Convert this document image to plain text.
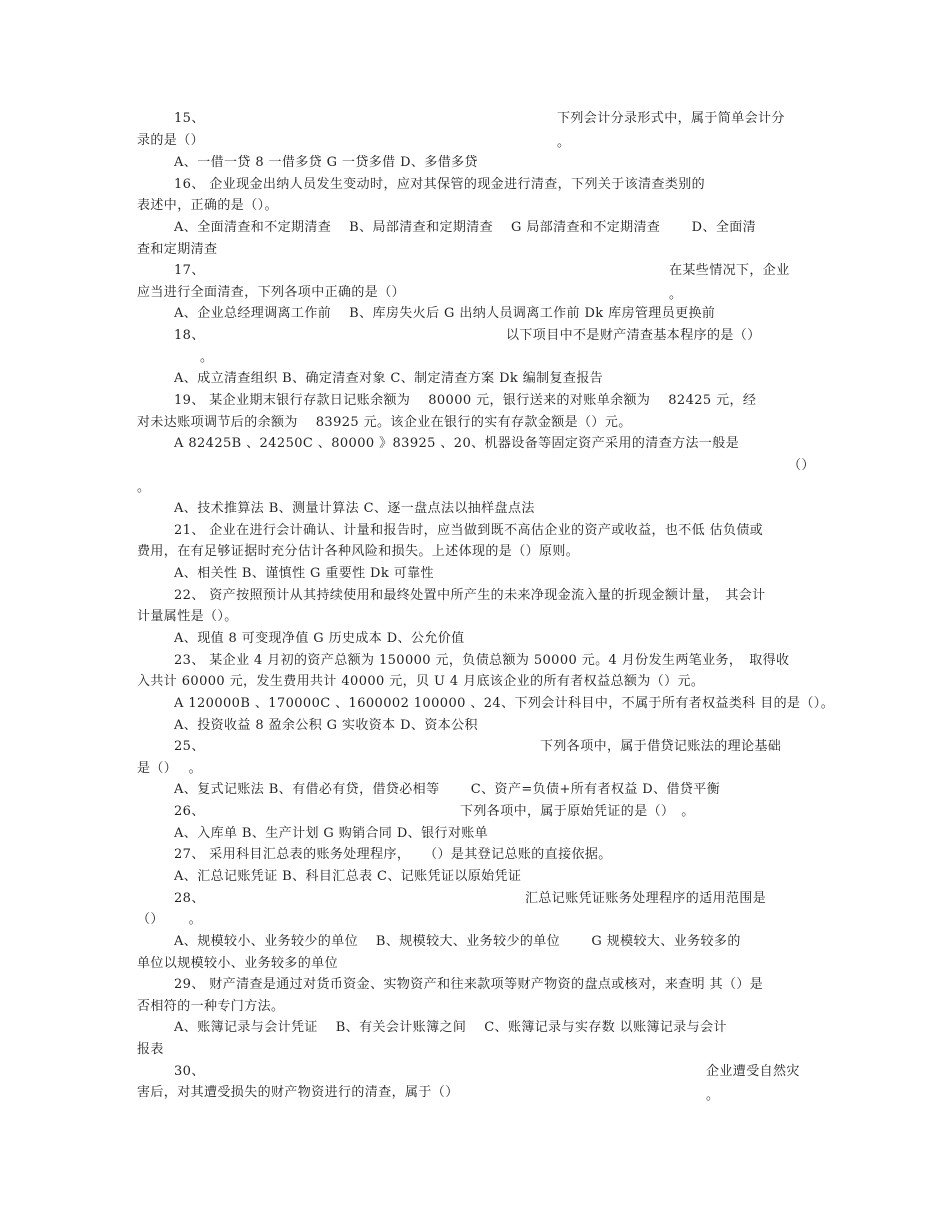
15、	下列会计分录形式中，属于简单会计分
录的是（）	。
A、一借一贷 8 一借多贷 G 一贷多借 D、多借多贷
16、 企业现金出纳人员发生变动时，应对其保管的现金进行清查，下列关于该清查类别的
表述中，正确的是（）。
A、全面清查和不定期清查　 B、局部清查和定期清查　 G 局部清查和不定期清查　　 D、全面清
查和定期清查
17、	在某些情况下，企业
应当进行全面清查，下列各项中正确的是（）	。
A、企业总经理调离工作前　 B、库房失火后 G 出纳人员调离工作前 Dk 库房管理员更换前
18、	以下项目中不是财产清查基本程序的是（）
。
A、成立清查组织 B、确定清查对象 C、制定清查方案 Dk 编制复查报告
19、 某企业期末银行存款日记账余额为　 80000 元，银行送来的对账单余额为　 82425 元，经
对未达账项调节后的余额为　 83925 元。该企业在银行的实有存款金额是（）元。
A 82425B 、24250C 、80000 》83925 、20、机器设备等固定资产采用的清查方法一般是
（）
。
A、技术推算法 B、测量计算法 C、逐一盘点法以抽样盘点法
21、 企业在进行会计确认、计量和报告时，应当做到既不高估企业的资产或收益，也不低 估负债或
费用，在有足够证据时充分估计各种风险和损失。上述体现的是（）原则。
A、相关性 B、谨慎性 G 重要性 Dk 可靠性
22、 资产按照预计从其持续使用和最终处置中所产生的未来净现金流入量的折现金额计量，　其会计
计量属性是（）。
A、现值 8 可变现净值 G 历史成本 D、公允价值
23、 某企业 4 月初的资产总额为 150000 元，负债总额为 50000 元。4 月份发生两笔业务，　取得收
入共计 60000 元，发生费用共计 40000 元，贝 U 4 月底该企业的所有者权益总额为（）元。
A 120000B 、170000C 、1600002 100000 、24、下列会计科目中，不属于所有者权益类科 目的是（）。
A、投资收益 8 盈余公积 G 实收资本 D、资本公积
25、	下列各项中，属于借贷记账法的理论基础
是（）　 。
A、复式记账法 B、有借必有贷，借贷必相等　　 C、资产=负债+所有者权益 D、借贷平衡
26、	下列各项中，属于原始凭证的是（）　。
A、入库单 B、生产计划 G 购销合同 D、银行对账单
27、 采用科目汇总表的账务处理程序，　　（）是其登记总账的直接依据。
A、汇总记账凭证 B、科目汇总表 C、记账凭证以原始凭证
28、	汇总记账凭证账务处理程序的适用范围是
（）　　 。
A、规模较小、业务较少的单位　 B、规模较大、业务较少的单位　　 G 规模较大、业务较多的
单位以规模较小、业务较多的单位
29、 财产清查是通过对货币资金、实物资产和往来款项等财产物资的盘点或核对，来查明 其（）是
否相符的一种专门方法。
A、账簿记录与会计凭证　 B、有关会计账簿之间　 C、账簿记录与实存数 以账簿记录与会计
报表
30、	企业遭受自然灾
害后，对其遭受损失的财产物资进行的清查，属于（）	。
